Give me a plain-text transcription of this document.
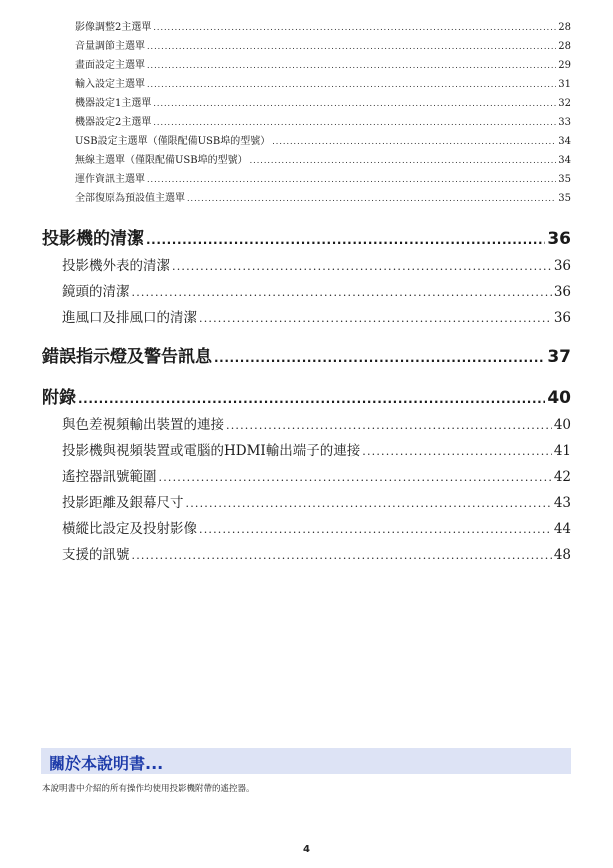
影像調整2主選單 .....	28
音量調節主選單 .....	28
畫面設定主選單 .....	29
輸入設定主選單 .....	31
機器設定1主選單 .....	32
機器設定2主選單 .....	33
USB設定主選單（僅限配備USB埠的型號） .....	34
無線主選單（僅限配備USB埠的型號） .....	34
運作資訊主選單 .....	35
全部復原為預設值主選單 .....	35
投影機的清潔 .....	36
投影機外表的清潔 .....	36
鏡頭的清潔 .....	36
進風口及排風口的清潔 .....	36
錯誤指示燈及警告訊息 .....	37
附錄 .....	40
與色差視頻輸出裝置的連接 .....	40
投影機與視頻裝置或電腦的HDMI輸出端子的連接 .....	41
遙控器訊號範圍 .....	42
投影距離及銀幕尺寸 .....	43
橫縱比設定及投射影像 .....	44
支援的訊號 .....	48
關於本說明書...
本說明書中介紹的所有操作均使用投影機附帶的遙控器。
4
